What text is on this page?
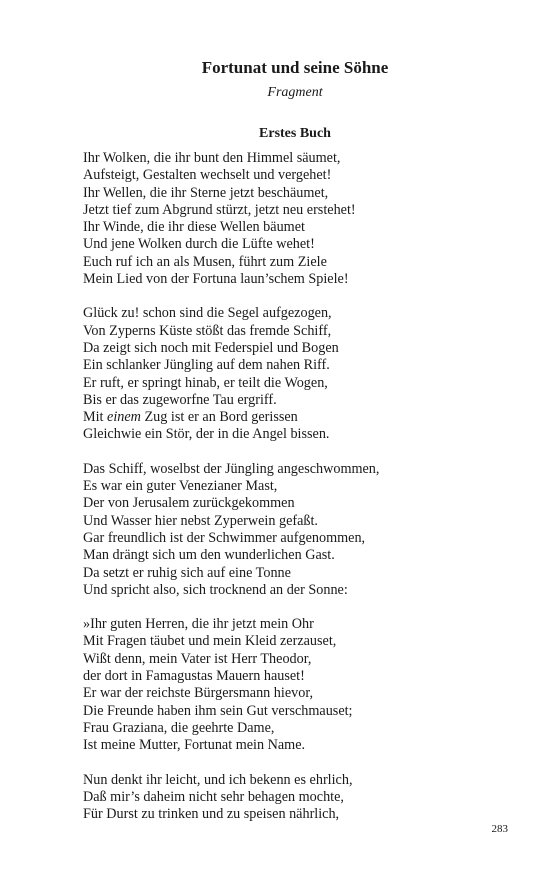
Fortunat und seine Söhne
Fragment
Erstes Buch
Ihr Wolken, die ihr bunt den Himmel säumet,
Aufsteigt, Gestalten wechselt und vergehet!
Ihr Wellen, die ihr Sterne jetzt beschäumet,
Jetzt tief zum Abgrund stürzt, jetzt neu erstehet!
Ihr Winde, die ihr diese Wellen bäumet
Und jene Wolken durch die Lüfte wehet!
Euch ruf ich an als Musen, führt zum Ziele
Mein Lied von der Fortuna laun’schem Spiele!
Glück zu! schon sind die Segel aufgezogen,
Von Zyperns Küste stößt das fremde Schiff,
Da zeigt sich noch mit Federspiel und Bogen
Ein schlanker Jüngling auf dem nahen Riff.
Er ruft, er springt hinab, er teilt die Wogen,
Bis er das zugeworfne Tau ergriff.
Mit einem Zug ist er an Bord gerissen
Gleichwie ein Stör, der in die Angel bissen.
Das Schiff, woselbst der Jüngling angeschwommen,
Es war ein guter Venezianer Mast,
Der von Jerusalem zurückgekommen
Und Wasser hier nebst Zyperwein gefaßt.
Gar freundlich ist der Schwimmer aufgenommen,
Man drängt sich um den wunderlichen Gast.
Da setzt er ruhig sich auf eine Tonne
Und spricht also, sich trocknend an der Sonne:
»Ihr guten Herren, die ihr jetzt mein Ohr
Mit Fragen täubet und mein Kleid zerzauset,
Wißt denn, mein Vater ist Herr Theodor,
der dort in Famagustas Mauern hauset!
Er war der reichste Bürgersmann hievor,
Die Freunde haben ihm sein Gut verschmauset;
Frau Graziana, die geehrte Dame,
Ist meine Mutter, Fortunat mein Name.
Nun denkt ihr leicht, und ich bekenn es ehrlich,
Daß mir’s daheim nicht sehr behagen mochte,
Für Durst zu trinken und zu speisen nährlich,
283
